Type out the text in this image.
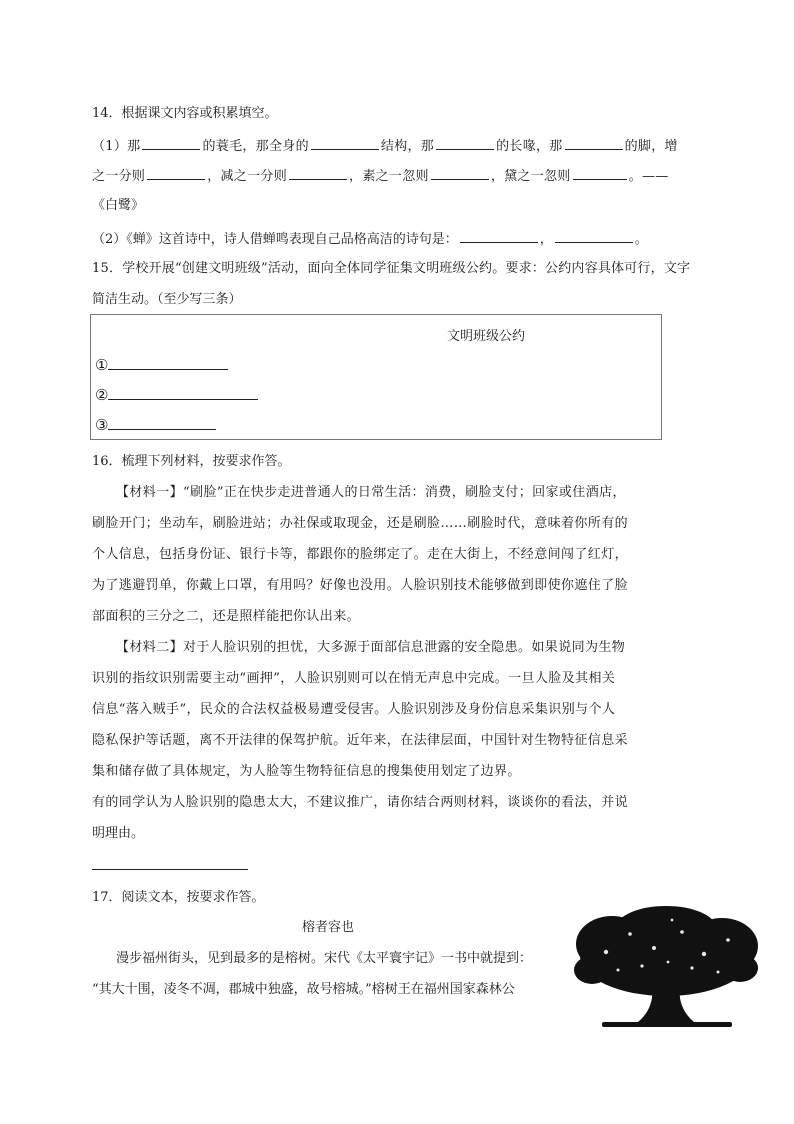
14．根据课文内容或积累填空。
（1）那	的蓑毛，那全身的	结构，那	的长喙，那	的脚，增
之一分则	，减之一分则	，素之一忽则	，黛之一忽则	。——
《白鹭》
（2）《蝉》这首诗中，诗人借蝉鸣表现自己品格高洁的诗句是：	，	。
15．学校开展“创建文明班级”活动，面向全体同学征集文明班级公约。要求：公约内容具体可行，文字
简洁生动。（至少写三条）
文明班级公约
①
②
③
16．梳理下列材料，按要求作答。
【材料一】“刷脸”正在快步走进普通人的日常生活：消费，刷脸支付；回家或住酒店，
刷脸开门；坐动车，刷脸进站；办社保或取现金，还是刷脸……刷脸时代，意味着你所有的
个人信息，包括身份证、银行卡等，都跟你的脸绑定了。走在大街上，不经意间闯了红灯，
为了逃避罚单，你戴上口罩，有用吗？好像也没用。人脸识别技术能够做到即使你遮住了脸
部面积的三分之二，还是照样能把你认出来。
【材料二】对于人脸识别的担忧，大多源于面部信息泄露的安全隐患。如果说同为生物
识别的指纹识别需要主动“画押”，人脸识别则可以在悄无声息中完成。一旦人脸及其相关
信息“落入贼手”，民众的合法权益极易遭受侵害。人脸识别涉及身份信息采集识别与个人
隐私保护等话题，离不开法律的保驾护航。近年来，在法律层面，中国针对生物特征信息采
集和储存做了具体规定，为人脸等生物特征信息的搜集使用划定了边界。
有的同学认为人脸识别的隐患太大，不建议推广，请你结合两则材料，谈谈你的看法，并说
明理由。
17．阅读文本，按要求作答。
榕者容也
漫步福州街头，见到最多的是榕树。宋代《太平寰宇记》一书中就提到：
“其大十围，凌冬不凋，郡城中独盛，故号榕城。”榕树王在福州国家森林公
